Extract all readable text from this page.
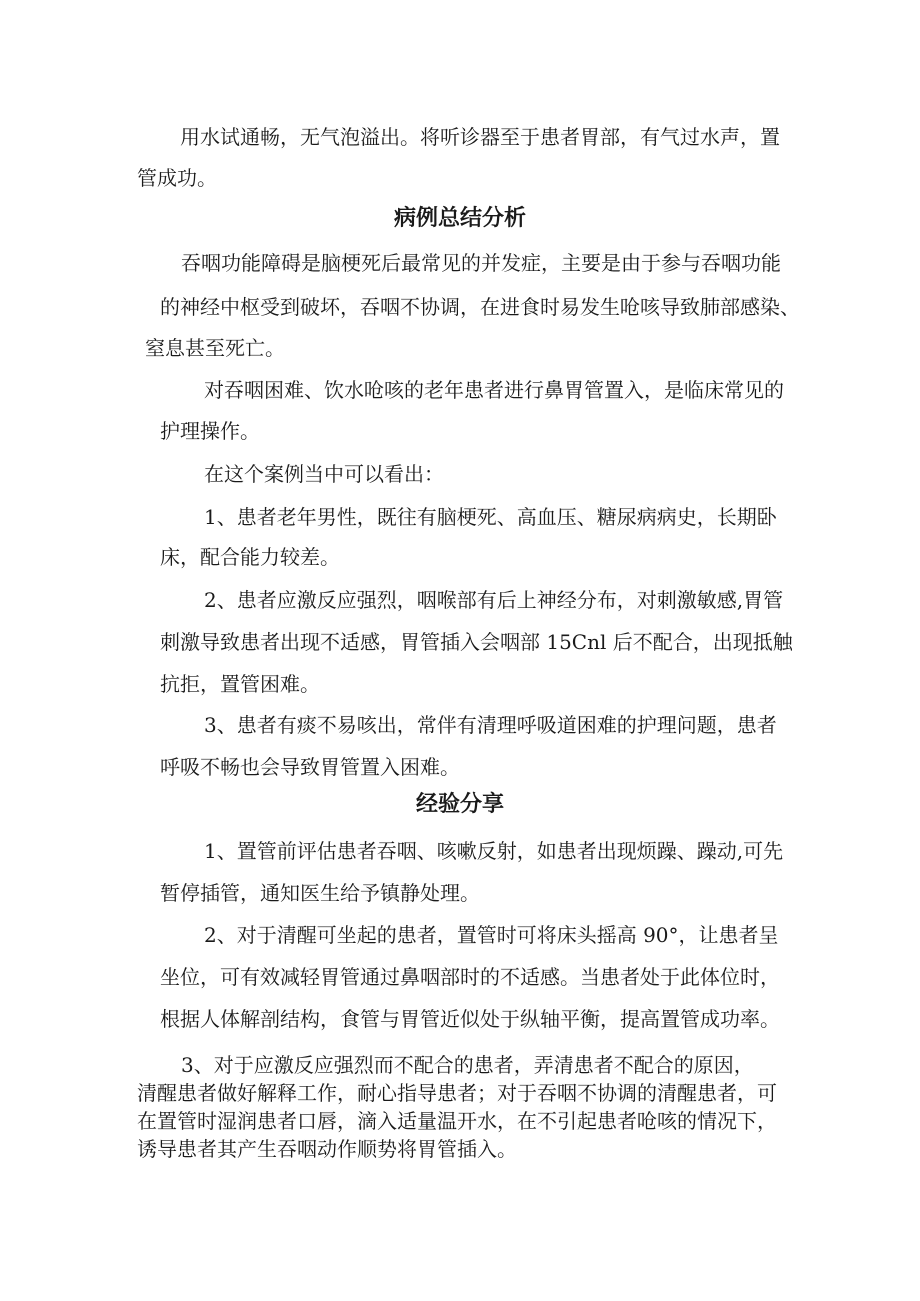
用水试通畅，无气泡溢出。将听诊器至于患者胃部，有气过水声，置

管成功。

病例总结分析

吞咽功能障碍是脑梗死后最常见的并发症，主要是由于参与吞咽功能

的神经中枢受到破坏，吞咽不协调，在进食时易发生呛咳导致肺部感染、

窒息甚至死亡。

对吞咽困难、饮水呛咳的老年患者进行鼻胃管置入，是临床常见的

护理操作。

在这个案例当中可以看出：

1、患者老年男性，既往有脑梗死、高血压、糖尿病病史，长期卧

床，配合能力较差。

2、患者应激反应强烈，咽喉部有后上神经分布，对刺激敏感,胃管

刺激导致患者出现不适感，胃管插入会咽部 15Cnl 后不配合，出现抵触

抗拒，置管困难。

3、患者有痰不易咳出，常伴有清理呼吸道困难的护理问题，患者

呼吸不畅也会导致胃管置入困难。

经验分享

1、置管前评估患者吞咽、咳嗽反射，如患者出现烦躁、躁动,可先

暂停插管，通知医生给予镇静处理。

2、对于清醒可坐起的患者，置管时可将床头摇高 90°，让患者呈

坐位，可有效减轻胃管通过鼻咽部时的不适感。当患者处于此体位时，

根据人体解剖结构，食管与胃管近似处于纵轴平衡，提高置管成功率。

3、对于应激反应强烈而不配合的患者，弄清患者不配合的原因，

清醒患者做好解释工作，耐心指导患者；对于吞咽不协调的清醒患者，可

在置管时湿润患者口唇，滴入适量温开水，在不引起患者呛咳的情况下，

诱导患者其产生吞咽动作顺势将胃管插入。
